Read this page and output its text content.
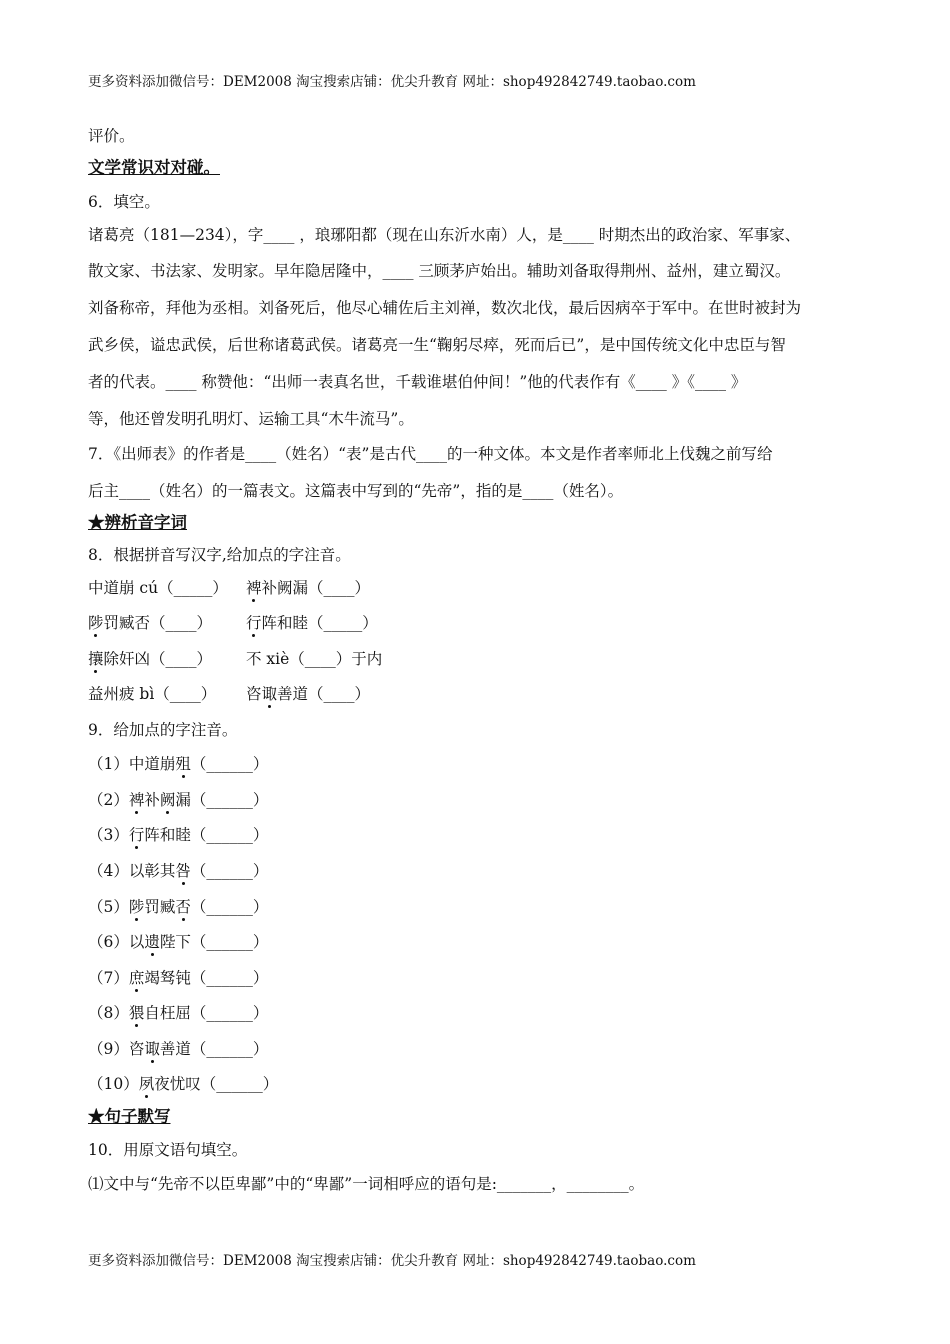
更多资料添加微信号：DEM2008 淘宝搜索店铺：优尖升教育 网址：shop492842749.taobao.com
评价。
文学常识对对碰。
6．填空。
诸葛亮（181—234），字____ ，琅琊阳都（现在山东沂水南）人，是____ 时期杰出的政治家、军事家、
散文家、书法家、发明家。早年隐居隆中，____ 三顾茅庐始出。辅助刘备取得荆州、益州，建立蜀汉。
刘备称帝，拜他为丞相。刘备死后，他尽心辅佐后主刘禅，数次北伐，最后因病卒于军中。在世时被封为
武乡侯，谥忠武侯，后世称诸葛武侯。诸葛亮一生“鞠躬尽瘁，死而后已”，是中国传统文化中忠臣与智
者的代表。____ 称赞他：“出师一表真名世，千载谁堪伯仲间！”他的代表作有《____ 》《____ 》
等，他还曾发明孔明灯、运输工具“木牛流马”。
7．《出师表》的作者是____（姓名）“表”是古代____的一种文体。本文是作者率师北上伐魏之前写给
后主____（姓名）的一篇表文。这篇表中写到的“先帝”，指的是____（姓名）。
★辨析音字词
8．根据拼音写汉字,给加点的字注音。
中道崩 cú（_____） 裨补阙漏（____）
陟罚臧否（____） 行阵和睦（_____）
攘除奸凶（____） 不 xiè（____）于内
益州疲 bì（____） 咨诹善道（____）
9．给加点的字注音。
（1）中道崩殂（______）
（2）裨补阙漏（______）
（3）行阵和睦（______）
（4）以彰其咎（______）
（5）陟罚臧否（______）
（6）以遗陛下（______）
（7）庶竭驽钝（______）
（8）猥自枉屈（______）
（9）咨诹善道（______）
（10）夙夜忧叹（______）
★句子默写
10．用原文语句填空。
⑴文中与“先帝不以臣卑鄙”中的“卑鄙”一词相呼应的语句是:_______，________。
更多资料添加微信号：DEM2008 淘宝搜索店铺：优尖升教育 网址：shop492842749.taobao.com
